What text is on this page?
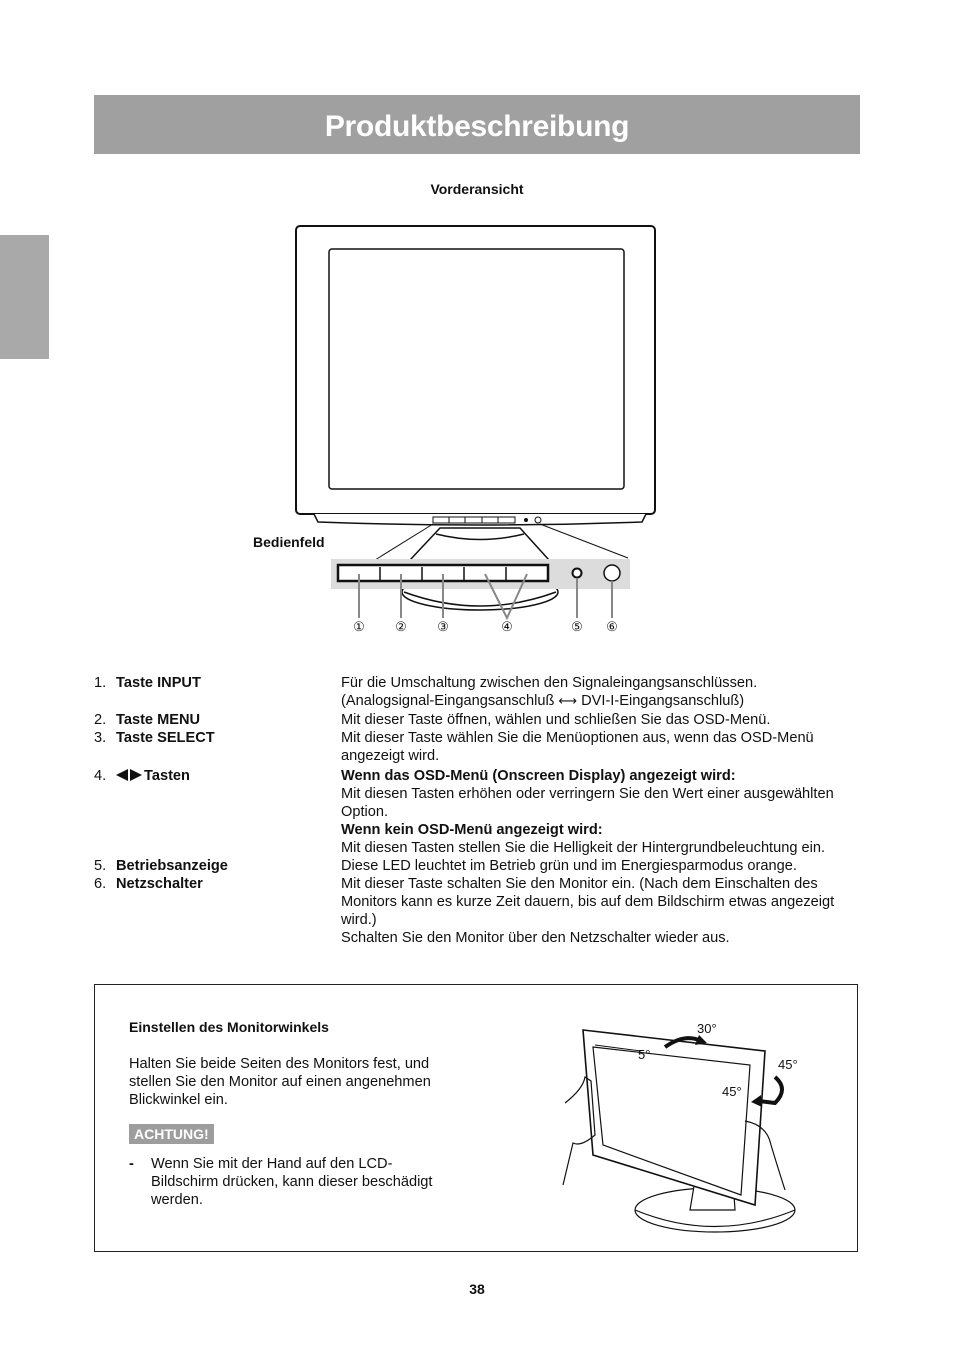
Produktbeschreibung
Vorderansicht
Bedienfeld
① ② ③	④	⑤ ⑥
1. Taste INPUT	Für die Umschaltung zwischen den Signaleingangsanschlüssen.
(Analogsignal-Eingangsanschluß ⟷ DVI-I-Eingangsanschluß)
2. Taste MENU	Mit dieser Taste öffnen, wählen und schließen Sie das OSD-Menü.
3. Taste SELECT	Mit dieser Taste wählen Sie die Menüoptionen aus, wenn das OSD-Menü angezeigt wird.
4.	Tasten	Wenn das OSD-Menü (Onscreen Display) angezeigt wird:
Mit diesen Tasten erhöhen oder verringern Sie den Wert einer ausgewählten Option.
Wenn kein OSD-Menü angezeigt wird:
Mit diesen Tasten stellen Sie die Helligkeit der Hintergrundbeleuchtung ein.
5. Betriebsanzeige	Diese LED leuchtet im Betrieb grün und im Energiesparmodus orange.
6. Netzschalter	Mit dieser Taste schalten Sie den Monitor ein. (Nach dem Einschalten des Monitors kann es kurze Zeit dauern, bis auf dem Bildschirm etwas angezeigt wird.)
Schalten Sie den Monitor über den Netzschalter wieder aus.
Einstellen des Monitorwinkels
Halten Sie beide Seiten des Monitors fest, und stellen Sie den Monitor auf einen angenehmen Blickwinkel ein.
ACHTUNG!
-	Wenn Sie mit der Hand auf den LCD-Bildschirm drücken, kann dieser beschädigt werden.
30°
5°
45°
45°
38
